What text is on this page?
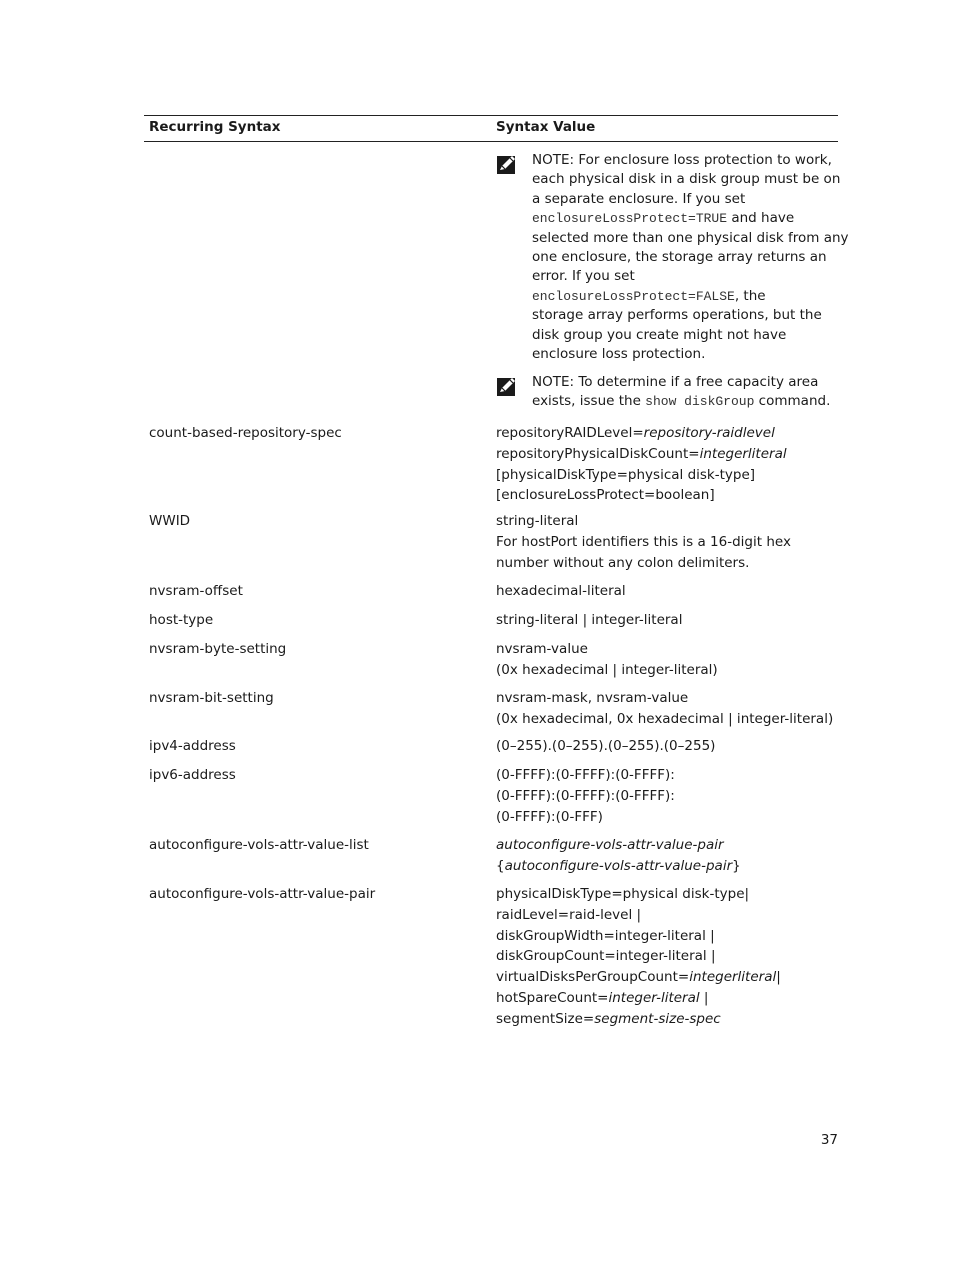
Recurring Syntax	Syntax Value
NOTE: For enclosure loss protection to work,
each physical disk in a disk group must be on
a separate enclosure. If you set
enclosureLossProtect=TRUE and have
selected more than one physical disk from any
one enclosure, the storage array returns an
error. If you set
enclosureLossProtect=FALSE, the
storage array performs operations, but the
disk group you create might not have
enclosure loss protection.
NOTE: To determine if a free capacity area
exists, issue the show diskGroup command.
count-based-repository-spec	repositoryRAIDLevel=repository-raidlevel
repositoryPhysicalDiskCount=integerliteral
[physicalDiskType=physical disk-type]
[enclosureLossProtect=boolean]
WWID	string-literal
For hostPort identifiers this is a 16-digit hex
number without any colon delimiters.
nvsram-offset	hexadecimal-literal
host-type	string-literal | integer-literal
nvsram-byte-setting	nvsram-value
(0x hexadecimal | integer-literal)
nvsram-bit-setting	nvsram-mask, nvsram-value
(0x hexadecimal, 0x hexadecimal | integer-literal)
ipv4-address	(0–255).(0–255).(0–255).(0–255)
ipv6-address	(0-FFFF):(0-FFFF):(0-FFFF):
(0-FFFF):(0-FFFF):(0-FFFF):
(0-FFFF):(0-FFF)
autoconfigure-vols-attr-value-list	autoconfigure-vols-attr-value-pair
{autoconfigure-vols-attr-value-pair}
autoconfigure-vols-attr-value-pair	physicalDiskType=physical disk-type|
raidLevel=raid-level |
diskGroupWidth=integer-literal |
diskGroupCount=integer-literal |
virtualDisksPerGroupCount=integerliteral|
hotSpareCount=integer-literal |
segmentSize=segment-size-spec
37
